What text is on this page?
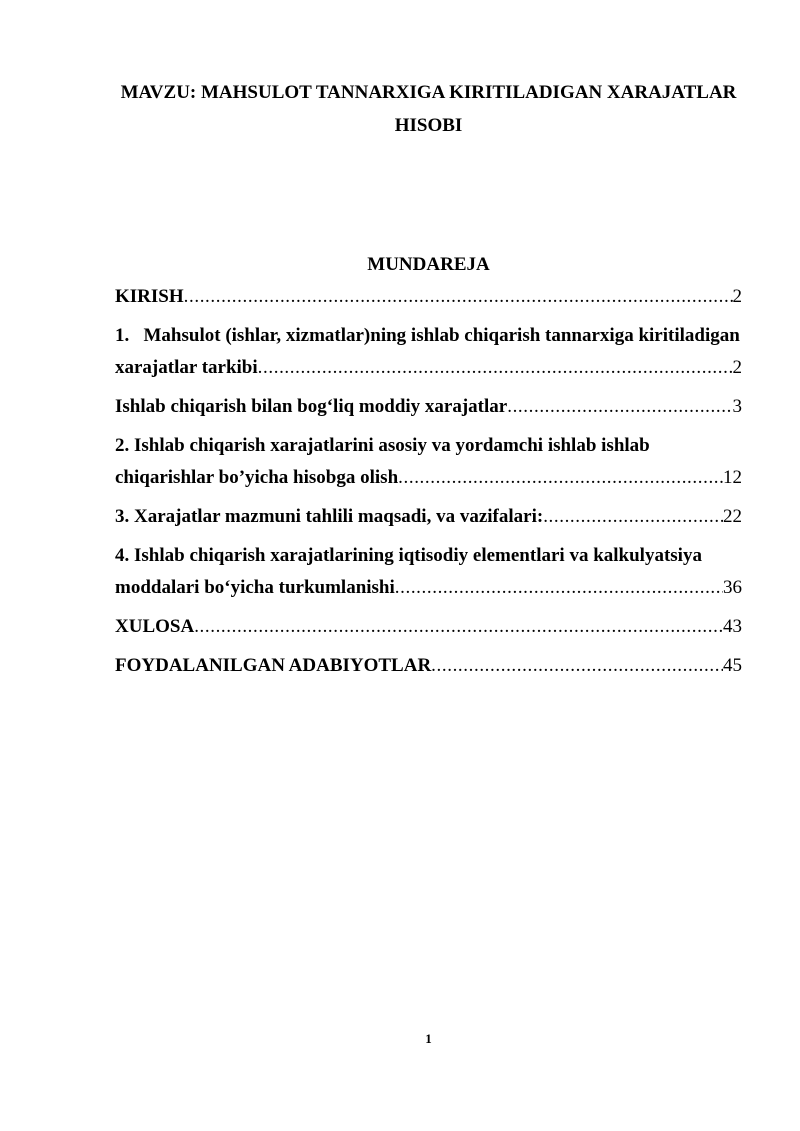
MAVZU: MAHSULOT TANNARXIGA KIRITILADIGAN XARAJATLAR
HISOBI
MUNDAREJA
KIRISH .....	2
1.   Mahsulot (ishlar, xizmatlar)ning ishlab chiqarish tannarxiga kiritiladigan
xarajatlar tarkibi .....	2
Ishlab chiqarish bilan bog‘liq moddiy xarajatlar .....	3
2. Ishlab chiqarish xarajatlarini asosiy va yordamchi ishlab ishlab
chiqarishlar bo’yicha hisobga olish .....	12
3. Xarajatlar mazmuni tahlili maqsadi, va vazifalari: .....	22
4. Ishlab chiqarish xarajatlarining iqtisodiy elementlari va kalkulyatsiya
moddalari bo‘yicha turkumlanishi .....	36
XULOSA .....	43
FOYDALANILGAN ADABIYOTLAR .....	45
1
